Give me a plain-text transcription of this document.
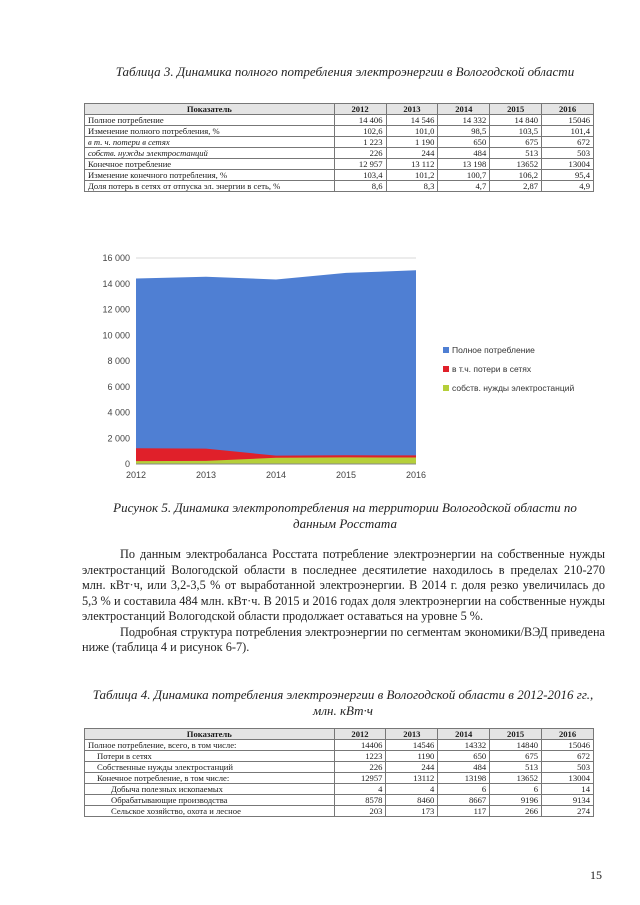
Таблица 3. Динамика полного потребления электроэнергии в Вологодской области
Показатель	2012	2013	2014	2015	2016
Полное потребление	14 406	14 546	14 332	14 840	15046
Изменение полного потребления, %	102,6	101,0	98,5	103,5	101,4
в т. ч. потери в сетях	1 223	1 190	650	675	672
собств. нужды электростанций	226	244	484	513	503
Конечное потребление	12 957	13 112	13 198	13652	13004
Изменение конечного потребления, %	103,4	101,2	100,7	106,2	95,4
Доля потерь в сетях от отпуска эл. энергии в сеть, %	8,6	8,3	4,7	2,87	4,9
0
2 000
4 000
6 000
8 000
10 000
12 000
14 000
16 000
2012	2013	2014	2015	2016
Полное потребление
в т.ч. потери в сетях
собств. нужды электростанций
Рисунок 5. Динамика электропотребления на территории Вологодской области по данным Росстата

По данным электробаланса Росстата потребление электроэнергии на собственные нужды электростанций Вологодской области в последнее десятилетие находилось в пределах 210-270 млн. кВт·ч, или 3,2-3,5 % от выработанной электроэнергии. В 2014 г. доля резко увеличилась до 5,3 % и составила 484 млн. кВт·ч. В 2015 и 2016 годах доля электроэнергии на собственные нужды электростанций Вологодской области продолжает оставаться на уровне 5 %.

Подробная структура потребления электроэнергии по сегментам экономики/ВЭД приведена ниже (таблица 4 и рисунок 6-7).

Таблица 4. Динамика потребления электроэнергии в Вологодской области в 2012-2016 гг., млн. кВт·ч
Показатель	2012	2013	2014	2015	2016
Полное потребление, всего, в том числе:	14406	14546	14332	14840	15046
Потери в сетях	1223	1190	650	675	672
Собственные нужды электростанций	226	244	484	513	503
Конечное потребление, в том числе:	12957	13112	13198	13652	13004
Добыча полезных ископаемых	4	4	6	6	14
Обрабатывающие производства	8578	8460	8667	9196	9134
Сельское хозяйство, охота и лесное	203	173	117	266	274
15
